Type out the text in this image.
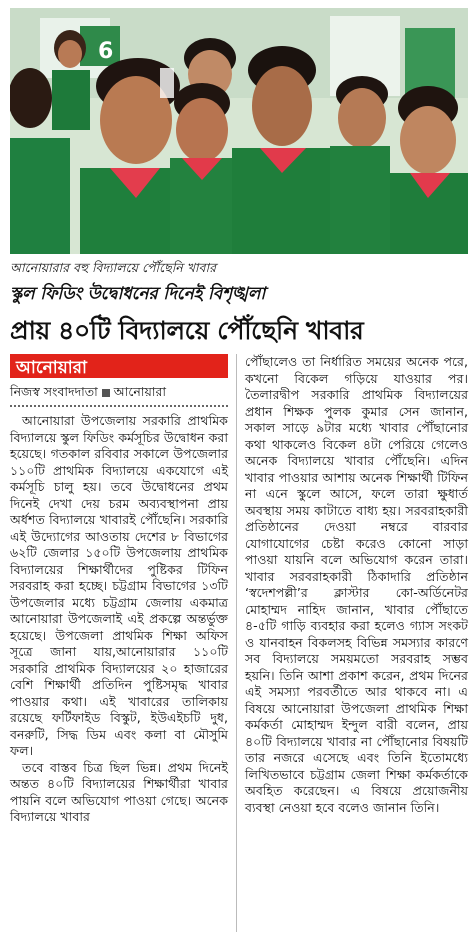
6
আনোয়ারার বহু বিদ্যালয়ে পৌঁছেনি খাবার
স্কুল ফিডিং উদ্বোধনের দিনেই বিশৃঙ্খলা
প্রায় ৪০টি বিদ্যালয়ে পৌঁছেনি খাবার
আনোয়ারা
নিজস্ব সংবাদদাতা আনোয়ারা

আনোয়ারা উপজেলায় সরকারি প্রাথমিক বিদ্যালয়ে স্কুল ফিডিং কর্মসূচির উদ্বোধন করা হয়েছে। গতকাল রবিবার সকালে উপজেলার ১১০টি প্রাথমিক বিদ্যালয়ে একযোগে এই কর্মসূচি চালু হয়। তবে উদ্বোধনের প্রথম দিনেই দেখা দেয় চরম অব্যবস্থাপনা প্রায় অর্ধশত বিদ্যালয়ে খাবারই পৌঁছেনি। সরকারি এই উদ্যোগের আওতায় দেশের ৮ বিভাগের ৬২টি জেলার ১৫০টি উপজেলায় প্রাথমিক বিদ্যালয়ের শিক্ষার্থীদের পুষ্টিকর টিফিন সরবরাহ করা হচ্ছে। চট্টগ্রাম বিভাগের ১৩টি উপজেলার মধ্যে চট্টগ্রাম জেলায় একমাত্র আনোয়ারা উপজেলাই এই প্রকল্পে অন্তর্ভুক্ত হয়েছে। উপজেলা প্রাথমিক শিক্ষা অফিস সূত্রে জানা যায়,আনোয়ারার ১১০টি সরকারি প্রাথমিক বিদ্যালয়ের ২০ হাজারের বেশি শিক্ষার্থী প্রতিদিন পুষ্টিসমৃদ্ধ খাবার পাওয়ার কথা। এই খাবারের তালিকায় রয়েছে ফর্টিফাইড বিস্কুট, ইউএইচটি দুধ, বনরুটি, সিদ্ধ ডিম এবং কলা বা মৌসুমি ফল।

তবে বাস্তব চিত্র ছিল ভিন্ন। প্রথম দিনেই অন্তত ৪০টি বিদ্যালয়ের শিক্ষার্থীরা খাবার পায়নি বলে অভিযোগ পাওয়া গেছে। অনেক বিদ্যালয়ে খাবার

পৌঁছালেও তা নির্ধারিত সময়ের অনেক পরে, কখনো বিকেল গড়িয়ে যাওয়ার পর। তৈলারদ্বীপ সরকারি প্রাথমিক বিদ্যালয়ের প্রধান শিক্ষক পুলক কুমার সেন জানান, সকাল সাড়ে ৯টার মধ্যে খাবার পৌঁছানোর কথা থাকলেও বিকেল ৪টা পেরিয়ে গেলেও অনেক বিদ্যালয়ে খাবার পৌঁছেনি। এদিন খাবার পাওয়ার আশায় অনেক শিক্ষার্থী টিফিন না এনে স্কুলে আসে, ফলে তারা ক্ষুধার্ত অবস্থায় সময় কাটাতে বাধ্য হয়। সরবরাহকারী প্রতিষ্ঠানের দেওয়া নম্বরে বারবার যোগাযোগের চেষ্টা করেও কোনো সাড়া পাওয়া যায়নি বলে অভিযোগ করেন তারা। খাবার সরবরাহকারী ঠিকাদারি প্রতিষ্ঠান ‘স্বদেশপল্লী’র ক্লাস্টার কো-অর্ডিনেটর মোহাম্মদ নাহিদ জানান, খাবার পৌঁছাতে ৪-৫টি গাড়ি ব্যবহার করা হলেও গ্যাস সংকট ও যানবাহন বিকলসহ বিভিন্ন সমস্যার কারণে সব বিদ্যালয়ে সময়মতো সরবরাহ সম্ভব হয়নি। তিনি আশা প্রকাশ করেন, প্রথম দিনের এই সমস্যা পরবর্তীতে আর থাকবে না। এ বিষয়ে আনোয়ারা উপজেলা প্রাথমিক শিক্ষা কর্মকর্তা মোহাম্মদ ইন্দুল বারী বলেন, প্রায় ৪০টি বিদ্যালয়ে খাবার না পৌঁছানোর বিষয়টি তার নজরে এসেছে এবং তিনি ইতোমধ্যে লিখিতভাবে চট্টগ্রাম জেলা শিক্ষা কর্মকর্তাকে অবহিত করেছেন। এ বিষয়ে প্রয়োজনীয় ব্যবস্থা নেওয়া হবে বলেও জানান তিনি।
